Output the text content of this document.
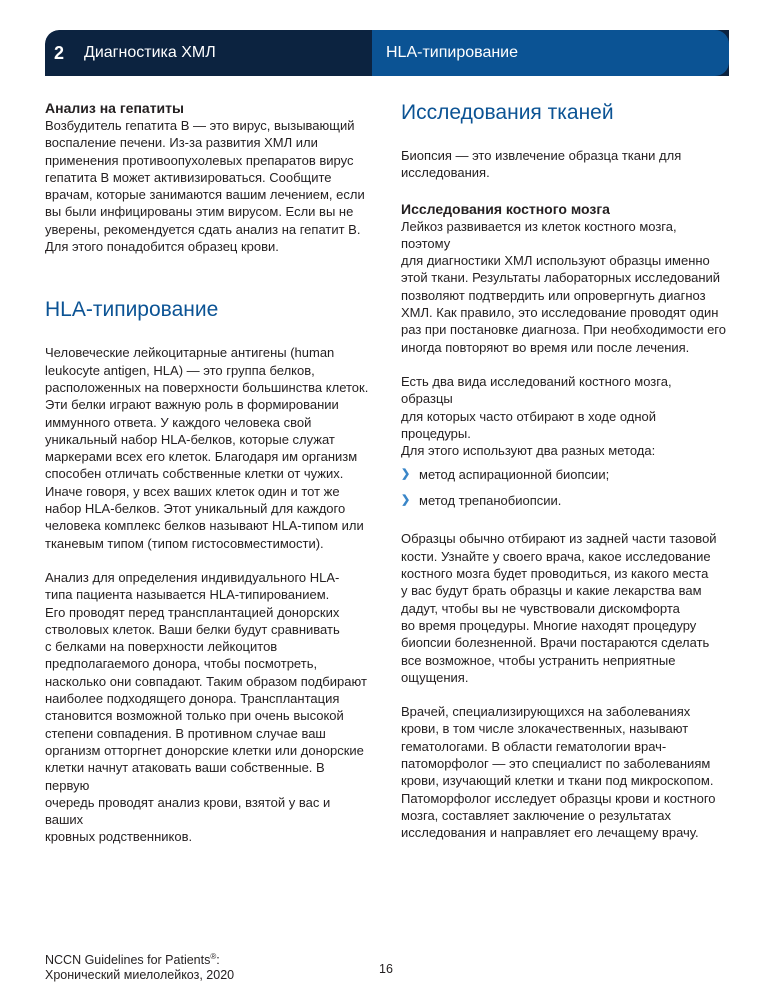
2	Диагностика ХМЛ	HLA-типирование
Анализ на гепатиты

Возбудитель гепатита B — это вирус, вызывающий
воспаление печени. Из-за развития ХМЛ или
применения противоопухолевых препаратов вирус
гепатита B может активизироваться. Сообщите
врачам, которые занимаются вашим лечением, если
вы были инфицированы этим вирусом. Если вы не
уверены, рекомендуется сдать анализ на гепатит B.
Для этого понадобится образец крови.

HLA-типирование

Человеческие лейкоцитарные антигены (human
leukocyte antigen, HLA) — это группа белков,
расположенных на поверхности большинства клеток.
Эти белки играют важную роль в формировании
иммунного ответа. У каждого человека свой
уникальный набор HLA-белков, которые служат
маркерами всех его клеток. Благодаря им организм
способен отличать собственные клетки от чужих.
Иначе говоря, у всех ваших клеток один и тот же
набор HLA-белков. Этот уникальный для каждого
человека комплекс белков называют HLA-типом или
тканевым типом (типом гистосовместимости).

Анализ для определения индивидуального HLA-
типа пациента называется HLA-типированием.
Его проводят перед трансплантацией донорских
стволовых клеток. Ваши белки будут сравнивать
с белками на поверхности лейкоцитов
предполагаемого донора, чтобы посмотреть,
насколько они совпадают. Таким образом подбирают
наиболее подходящего донора. Трансплантация
становится возможной только при очень высокой
степени совпадения. В противном случае ваш
организм отторгнет донорские клетки или донорские
клетки начнут атаковать ваши собственные. В первую
очередь проводят анализ крови, взятой у вас и ваших
кровных родственников.

Исследования тканей

Биопсия — это извлечение образца ткани для
исследования.

Исследования костного мозга

Лейкоз развивается из клеток костного мозга, поэтому
для диагностики ХМЛ используют образцы именно
этой ткани. Результаты лабораторных исследований
позволяют подтвердить или опровергнуть диагноз
ХМЛ. Как правило, это исследование проводят один
раз при постановке диагноза. При необходимости его
иногда повторяют во время или после лечения.

Есть два вида исследований костного мозга, образцы
для которых часто отбирают в ходе одной процедуры.
Для этого используют два разных метода:

❯ метод аспирационной биопсии;
❯ метод трепанобиопсии.

Образцы обычно отбирают из задней части тазовой
кости. Узнайте у своего врача, какое исследование
костного мозга будет проводиться, из какого места
у вас будут брать образцы и какие лекарства вам
дадут, чтобы вы не чувствовали дискомфорта
во время процедуры. Многие находят процедуру
биопсии болезненной. Врачи постараются сделать
все возможное, чтобы устранить неприятные
ощущения.

Врачей, специализирующихся на заболеваниях
крови, в том числе злокачественных, называют
гематологами. В области гематологии врач-
патоморфолог — это специалист по заболеваниям
крови, изучающий клетки и ткани под микроскопом.
Патоморфолог исследует образцы крови и костного
мозга, составляет заключение о результатах
исследования и направляет его лечащему врачу.

NCCN Guidelines for Patients®:
Хронический миелолейкоз, 2020	16
